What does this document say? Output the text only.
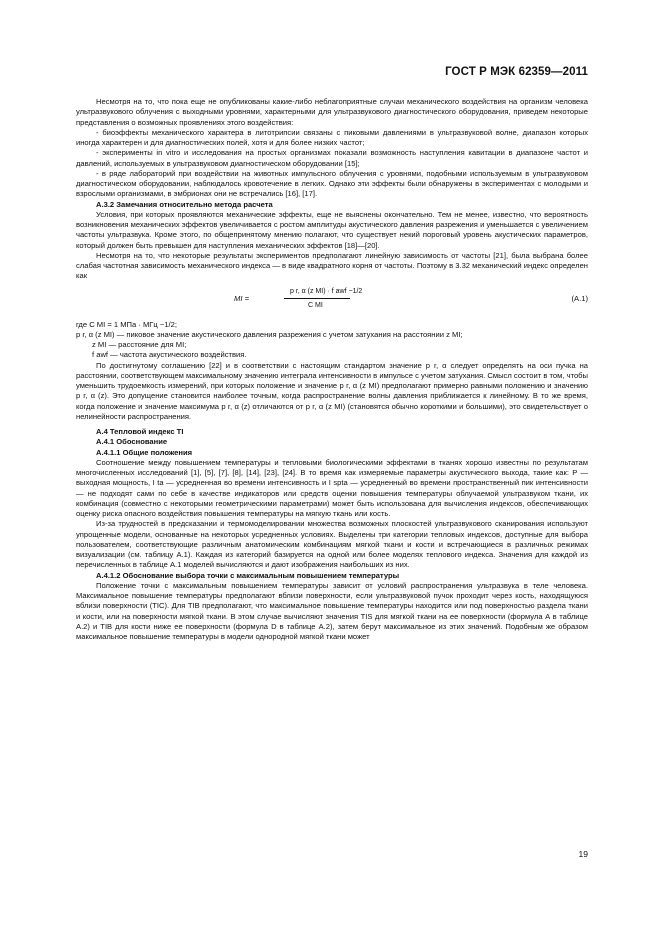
ГОСТ Р МЭК 62359—2011

Несмотря на то, что пока еще не опубликованы какие-либо неблагоприятные случаи механического воздействия на организм человека ультразвукового облучения с выходными уровнями, характерными для ультразвукового диагностического оборудования, приведем некоторые представления о возможных проявлениях этого воздействия:

- биоэффекты механического характера в литотрипсии связаны с пиковыми давлениями в ультразвуковой волне, диапазон которых иногда характерен и для диагностических полей, хотя и для более низких частот;

- эксперименты in vitro и исследования на простых организмах показали возможность наступления кавитации в диапазоне частот и давлений, используемых в ультразвуковом диагностическом оборудовании [15];

- в ряде лабораторий при воздействии на животных импульсного облучения с уровнями, подобными используемым в ультразвуковом диагностическом оборудовании, наблюдалось кровотечение в легких. Однако эти эффекты были обнаружены в экспериментах с молодыми и взрослыми организмами, в эмбрионах они не встречались [16], [17].

А.3.2 Замечания относительно метода расчета

Условия, при которых проявляются механические эффекты, еще не выяснены окончательно. Тем не менее, известно, что вероятность возникновения механических эффектов увеличивается с ростом амплитуды акустического давления разрежения и уменьшается с увеличением частоты ультразвука. Кроме этого, по общепринятому мнению полагают, что существует некий пороговый уровень акустических параметров, который должен быть превышен для наступления механических эффектов [18]—[20].

Несмотря на то, что некоторые результаты экспериментов предполагают линейную зависимость от частоты [21], была выбрана более слабая частотная зависимость механического индекса — в виде квадратного корня от частоты. Поэтому в 3.32 механический индекс определен как

MI =
p r, α (z MI) · f awf −1/2
C MI
(А.1)

где C MI = 1 МПа · МГц −1/2;

p r, α (z MI) — пиковое значение акустического давления разрежения с учетом затухания на расстоянии z MI;

z MI — расстояние для MI;

f awf — частота акустического воздействия.

По достигнутому соглашению [22] и в соответствии с настоящим стандартом значение p r, α следует определять на оси пучка на расстоянии, соответствующем максимальному значению интеграла интенсивности в импульсе с учетом затухания. Смысл состоит в том, чтобы уменьшить трудоемкость измерений, при которых положение и значение p r, α (z MI) предполагают примерно равными положению и значению p r, α (z). Это допущение становится наиболее точным, когда распространение волны давления приближается к линейному. В то же время, когда положение и значение максимума p r, α (z) отличаются от p r, α (z MI) (становятся обычно короткими и большими), это свидетельствует о нелинейности распространения.

А.4 Тепловой индекс TI

А.4.1 Обоснование

А.4.1.1 Общие положения

Соотношение между повышением температуры и тепловыми биологическими эффектами в тканях хорошо известны по результатам многочисленных исследований [1], [5], [7], [8], [14], [23], [24]. В то время как измеряемые параметры акустического выхода, такие как: P — выходная мощность, I ta — усредненная во времени интенсивность и I spta — усредненный во времени пространственный пик интенсивности — не подходят сами по себе в качестве индикаторов или средств оценки повышения температуры облучаемой ультразвуком ткани, их комбинация (совместно с некоторыми геометрическими параметрами) может быть использована для вычисления индексов, обеспечивающих оценку риска опасного воздействия повышения температуры на мягкую ткань или кость.

Из-за трудностей в предсказании и термомоделировании множества возможных плоскостей ультразвукового сканирования используют упрощенные модели, основанные на некоторых усредненных условиях. Выделены три категории тепловых индексов, доступные для выбора пользователем, соответствующие различным анатомическим комбинациям мягкой ткани и кости и встречающиеся в различных режимах визуализации (см. таблицу А.1). Каждая из категорий базируется на одной или более моделях теплового индекса. Значения для каждой из перечисленных в таблице А.1 моделей вычисляются и дают изображения наибольших из них.

А.4.1.2 Обоснование выбора точки с максимальным повышением температуры

Положение точки с максимальным повышением температуры зависит от условий распространения ультразвука в теле человека. Максимальное повышение температуры предполагают вблизи поверхности, если ультразвуковой пучок проходит через кость, находящуюся вблизи поверхности (TIC). Для TIB предполагают, что максимальное повышение температуры находится или под поверхностью раздела ткани и кости, или на поверхности мягкой ткани. В этом случае вычисляют значения TIS для мягкой ткани на ее поверхности (формула А в таблице А.2) и TIB для кости ниже ее поверхности (формула D в таблице А.2), затем берут максимальное из этих значений. Подобным же образом максимальное повышение температуры в модели однородной мягкой ткани может

19
